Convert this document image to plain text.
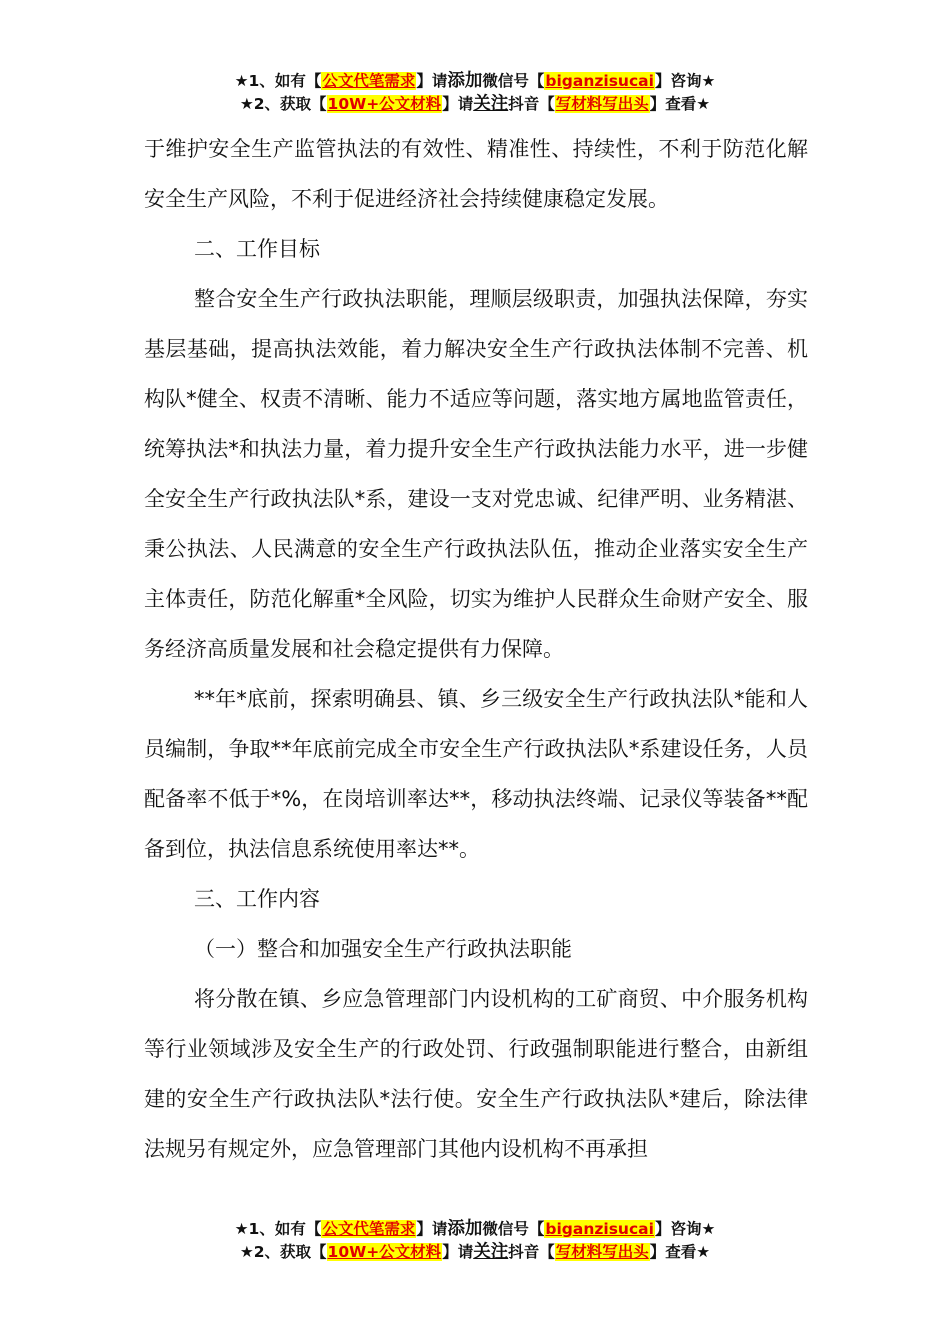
★1、如有【公文代笔需求】请添加微信号【biganzisucai】咨询★
★2、获取【10W+公文材料】请关注抖音【写材料写出头】查看★

于维护安全生产监管执法的有效性、精准性、持续性，不利于防范化解安全生产风险，不利于促进经济社会持续健康稳定发展。

二、工作目标

整合安全生产行政执法职能，理顺层级职责，加强执法保障，夯实基层基础，提高执法效能，着力解决安全生产行政执法体制不完善、机构队*健全、权责不清晰、能力不适应等问题，落实地方属地监管责任，统筹执法*和执法力量，着力提升安全生产行政执法能力水平，进一步健全安全生产行政执法队*系，建设一支对党忠诚、纪律严明、业务精湛、秉公执法、人民满意的安全生产行政执法队伍，推动企业落实安全生产主体责任，防范化解重*全风险，切实为维护人民群众生命财产安全、服务经济高质量发展和社会稳定提供有力保障。

**年*底前，探索明确县、镇、乡三级安全生产行政执法队*能和人员编制，争取**年底前完成全市安全生产行政执法队*系建设任务，人员配备率不低于*%，在岗培训率达**，移动执法终端、记录仪等装备**配备到位，执法信息系统使用率达**。

三、工作内容

（一）整合和加强安全生产行政执法职能

将分散在镇、乡应急管理部门内设机构的工矿商贸、中介服务机构等行业领域涉及安全生产的行政处罚、行政强制职能进行整合，由新组建的安全生产行政执法队*法行使。安全生产行政执法队*建后，除法律法规另有规定外，应急管理部门其他内设机构不再承担

★1、如有【公文代笔需求】请添加微信号【biganzisucai】咨询★
★2、获取【10W+公文材料】请关注抖音【写材料写出头】查看★
